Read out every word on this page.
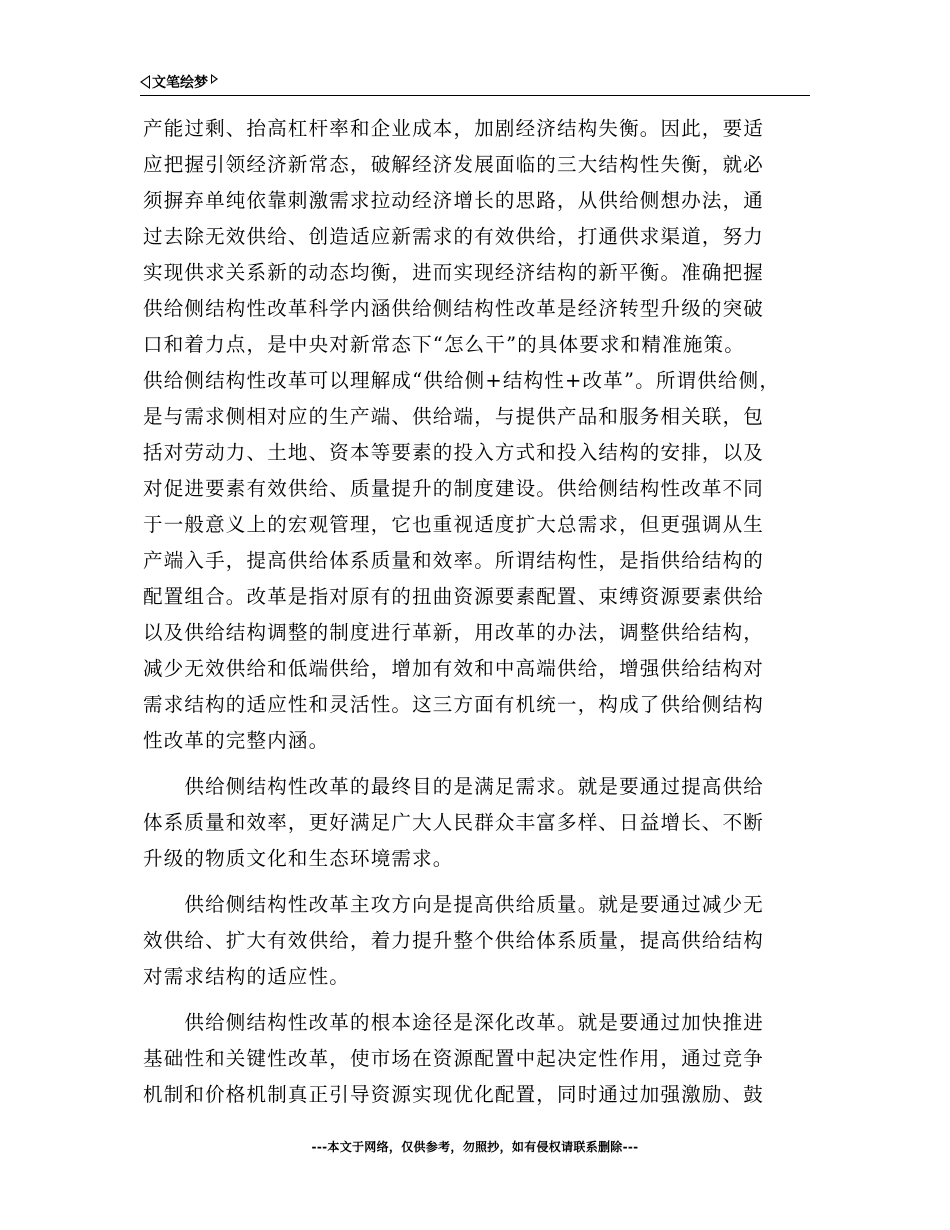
文笔绘梦
产能过剩、抬高杠杆率和企业成本，加剧经济结构失衡。因此，要适
应把握引领经济新常态，破解经济发展面临的三大结构性失衡，就必
须摒弃单纯依靠刺激需求拉动经济增长的思路，从供给侧想办法，通
过去除无效供给、创造适应新需求的有效供给，打通供求渠道，努力
实现供求关系新的动态均衡，进而实现经济结构的新平衡。准确把握
供给侧结构性改革科学内涵供给侧结构性改革是经济转型升级的突破
口和着力点，是中央对新常态下“怎么干”的具体要求和精准施策。
供给侧结构性改革可以理解成“供给侧+结构性+改革”。所谓供给侧，
是与需求侧相对应的生产端、供给端，与提供产品和服务相关联，包
括对劳动力、土地、资本等要素的投入方式和投入结构的安排，以及
对促进要素有效供给、质量提升的制度建设。供给侧结构性改革不同
于一般意义上的宏观管理，它也重视适度扩大总需求，但更强调从生
产端入手，提高供给体系质量和效率。所谓结构性，是指供给结构的
配置组合。改革是指对原有的扭曲资源要素配置、束缚资源要素供给
以及供给结构调整的制度进行革新，用改革的办法，调整供给结构，
减少无效供给和低端供给，增加有效和中高端供给，增强供给结构对
需求结构的适应性和灵活性。这三方面有机统一，构成了供给侧结构
性改革的完整内涵。
　　供给侧结构性改革的最终目的是满足需求。就是要通过提高供给
体系质量和效率，更好满足广大人民群众丰富多样、日益增长、不断
升级的物质文化和生态环境需求。
　　供给侧结构性改革主攻方向是提高供给质量。就是要通过减少无
效供给、扩大有效供给，着力提升整个供给体系质量，提高供给结构
对需求结构的适应性。
　　供给侧结构性改革的根本途径是深化改革。就是要通过加快推进
基础性和关键性改革，使市场在资源配置中起决定性作用，通过竞争
机制和价格机制真正引导资源实现优化配置，同时通过加强激励、鼓
---本文于网络，仅供参考，勿照抄，如有侵权请联系删除---
